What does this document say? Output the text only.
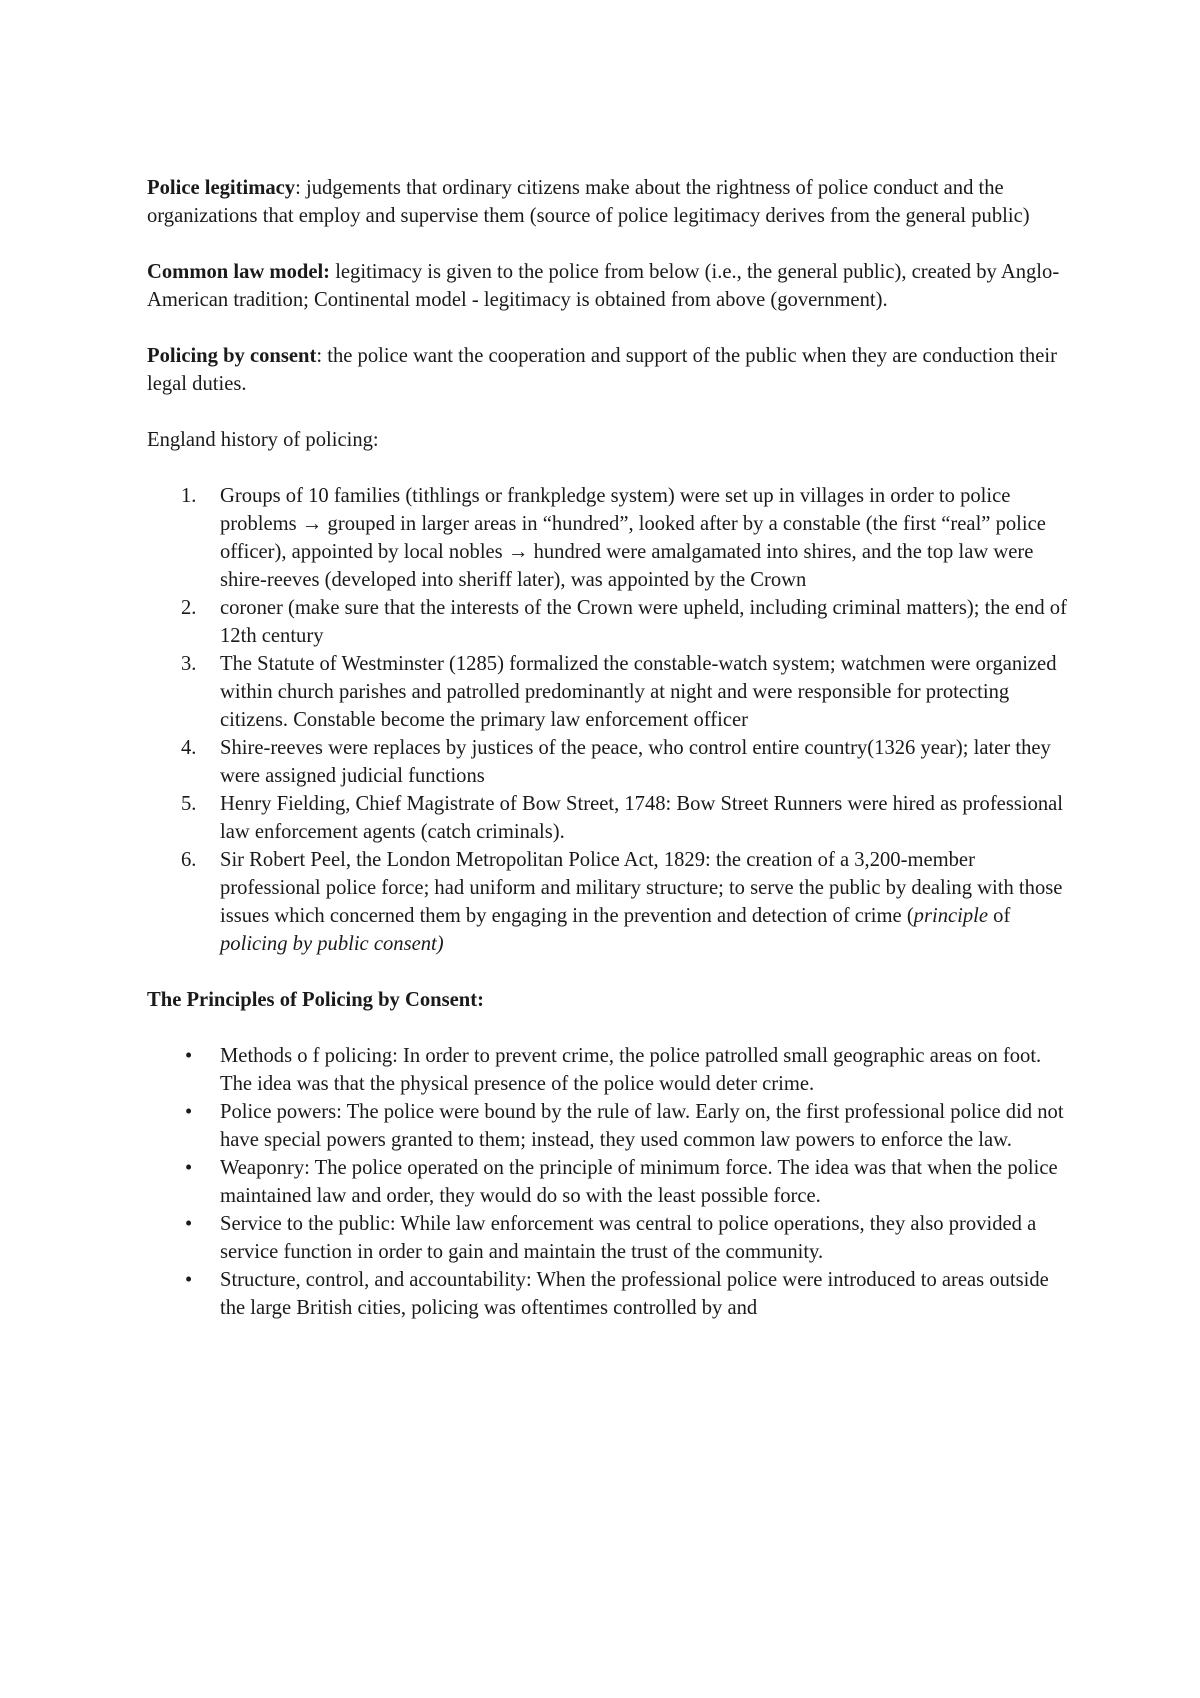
Police legitimacy: judgements that ordinary citizens make about the rightness of police conduct and the organizations that employ and supervise them (source of police legitimacy derives from the general public)

Common law model: legitimacy is given to the police from below (i.e., the general public), created by Anglo-American tradition; Continental model - legitimacy is obtained from above (government).

Policing by consent: the police want the cooperation and support of the public when they are conduction their legal duties.

England history of policing:

1. Groups of 10 families (tithlings or frankpledge system) were set up in villages in order to police problems → grouped in larger areas in “hundred”, looked after by a constable (the first “real” police officer), appointed by local nobles → hundred were amalgamated into shires, and the top law were shire-reeves (developed into sheriff later), was appointed by the Crown
2. coroner (make sure that the interests of the Crown were upheld, including criminal matters); the end of 12th century
3. The Statute of Westminster (1285) formalized the constable-watch system; watchmen were organized within church parishes and patrolled predominantly at night and were responsible for protecting citizens. Constable become the primary law enforcement officer
4. Shire-reeves were replaces by justices of the peace, who control entire country(1326 year); later they were assigned judicial functions
5. Henry Fielding, Chief Magistrate of Bow Street, 1748: Bow Street Runners were hired as professional law enforcement agents (catch criminals).
6. Sir Robert Peel, the London Metropolitan Police Act, 1829: the creation of a 3,200-member professional police force; had uniform and military structure; to serve the public by dealing with those issues which concerned them by engaging in the prevention and detection of crime (principle of policing by public consent)

The Principles of Policing by Consent:

• Methods o f policing: In order to prevent crime, the police patrolled small geographic areas on foot. The idea was that the physical presence of the police would deter crime.
• Police powers: The police were bound by the rule of law. Early on, the first professional police did not have special powers granted to them; instead, they used common law powers to enforce the law.
• Weaponry: The police operated on the principle of minimum force. The idea was that when the police maintained law and order, they would do so with the least possible force.
• Service to the public: While law enforcement was central to police operations, they also provided a service function in order to gain and maintain the trust of the community.
• Structure, control, and accountability: When the professional police were introduced to areas outside the large British cities, policing was oftentimes controlled by and
